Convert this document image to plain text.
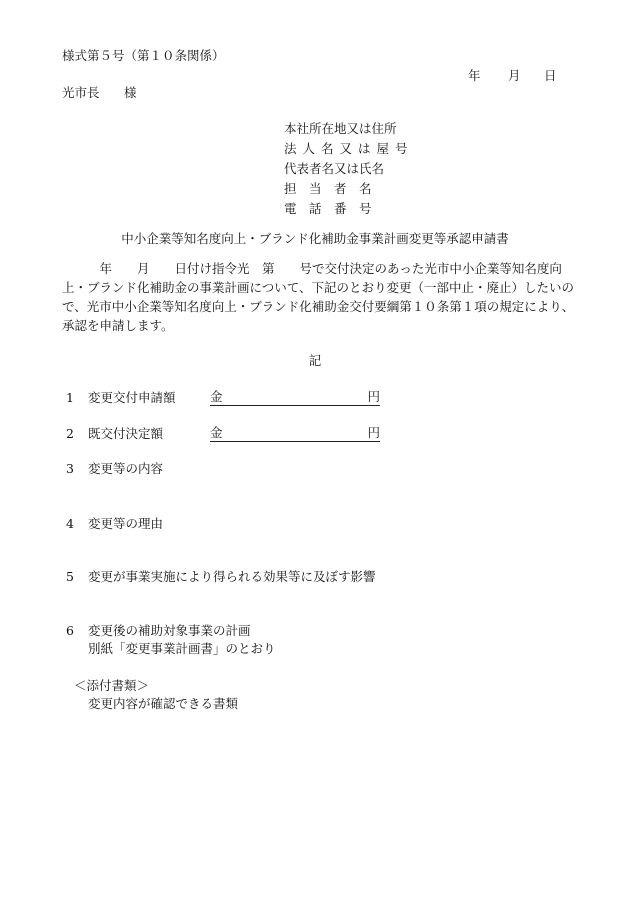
様式第５号（第１０条関係）
年 月 日
光市長 様
本社所在地又は住所
法人名又は屋号
代表者名又は氏名
担　当　者　名
電　話　番　号
中小企業等知名度向上・ブランド化補助金事業計画変更等承認申請書
　　　年　　月　　日付け指令光　第　　号で交付決定のあった光市中小企業等知名度向
上・ブランド化補助金の事業計画について、下記のとおり変更（一部中止・廃止）したいの
で、光市中小企業等知名度向上・ブランド化補助金交付要綱第１０条第１項の規定により、
承認を申請します。
記
1 変更交付申請額	金	円
2 既交付決定額	金	円
3 変更等の内容
4 変更等の理由
5 変更が事業実施により得られる効果等に及ぼす影響
6 変更後の補助対象事業の計画
別紙「変更事業計画書」のとおり
＜添付書類＞
変更内容が確認できる書類
